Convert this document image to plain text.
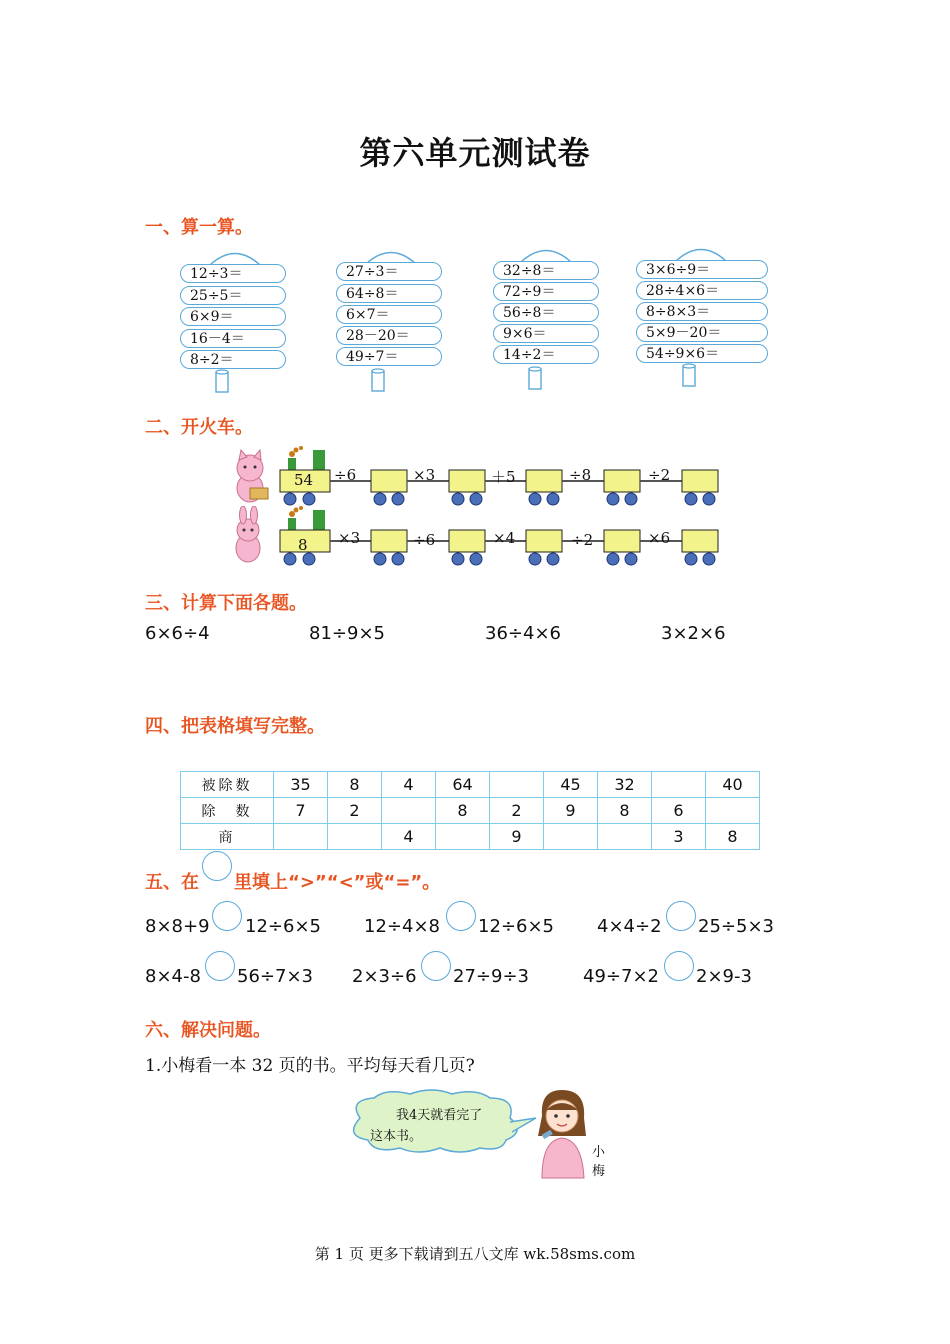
第六单元测试卷
一、算一算。
12÷3＝
25÷5＝
6×9＝
16－4＝
8÷2＝
27÷3＝
64÷8＝
6×7＝
28－20＝
49÷7＝
32÷8＝
72÷9＝
56÷8＝
9×6＝
14÷2＝
3×6÷9＝
28÷4×6＝
8÷8×3＝
5×9－20＝
54÷9×6＝
二、开火车。
54 ÷6	×3	＋5	÷8	÷2
8 ×3	÷6	×4	÷2	×6
三、计算下面各题。
6×6÷4	81÷9×5	36÷4×6	3×2×6
四、把表格填写完整。
被除数	35	8	4	64		45	32		40
除　数	7	2		8	2	9	8	6	
商			4		9			3	8
五、在 里填上“>”“<”或“=”。
8×8+9 12÷6×5 12÷4×8 12÷6×5 4×4÷2 25÷5×3
8×4-8 56÷7×3 2×3÷6 27÷9÷3	49÷7×2 2×9-3
六、解决问题。
1.小梅看一本 32 页的书。平均每天看几页?
我4天就看完了
这本书。
小
梅
第 1 页 更多下载请到五八文库 wk.58sms.com
